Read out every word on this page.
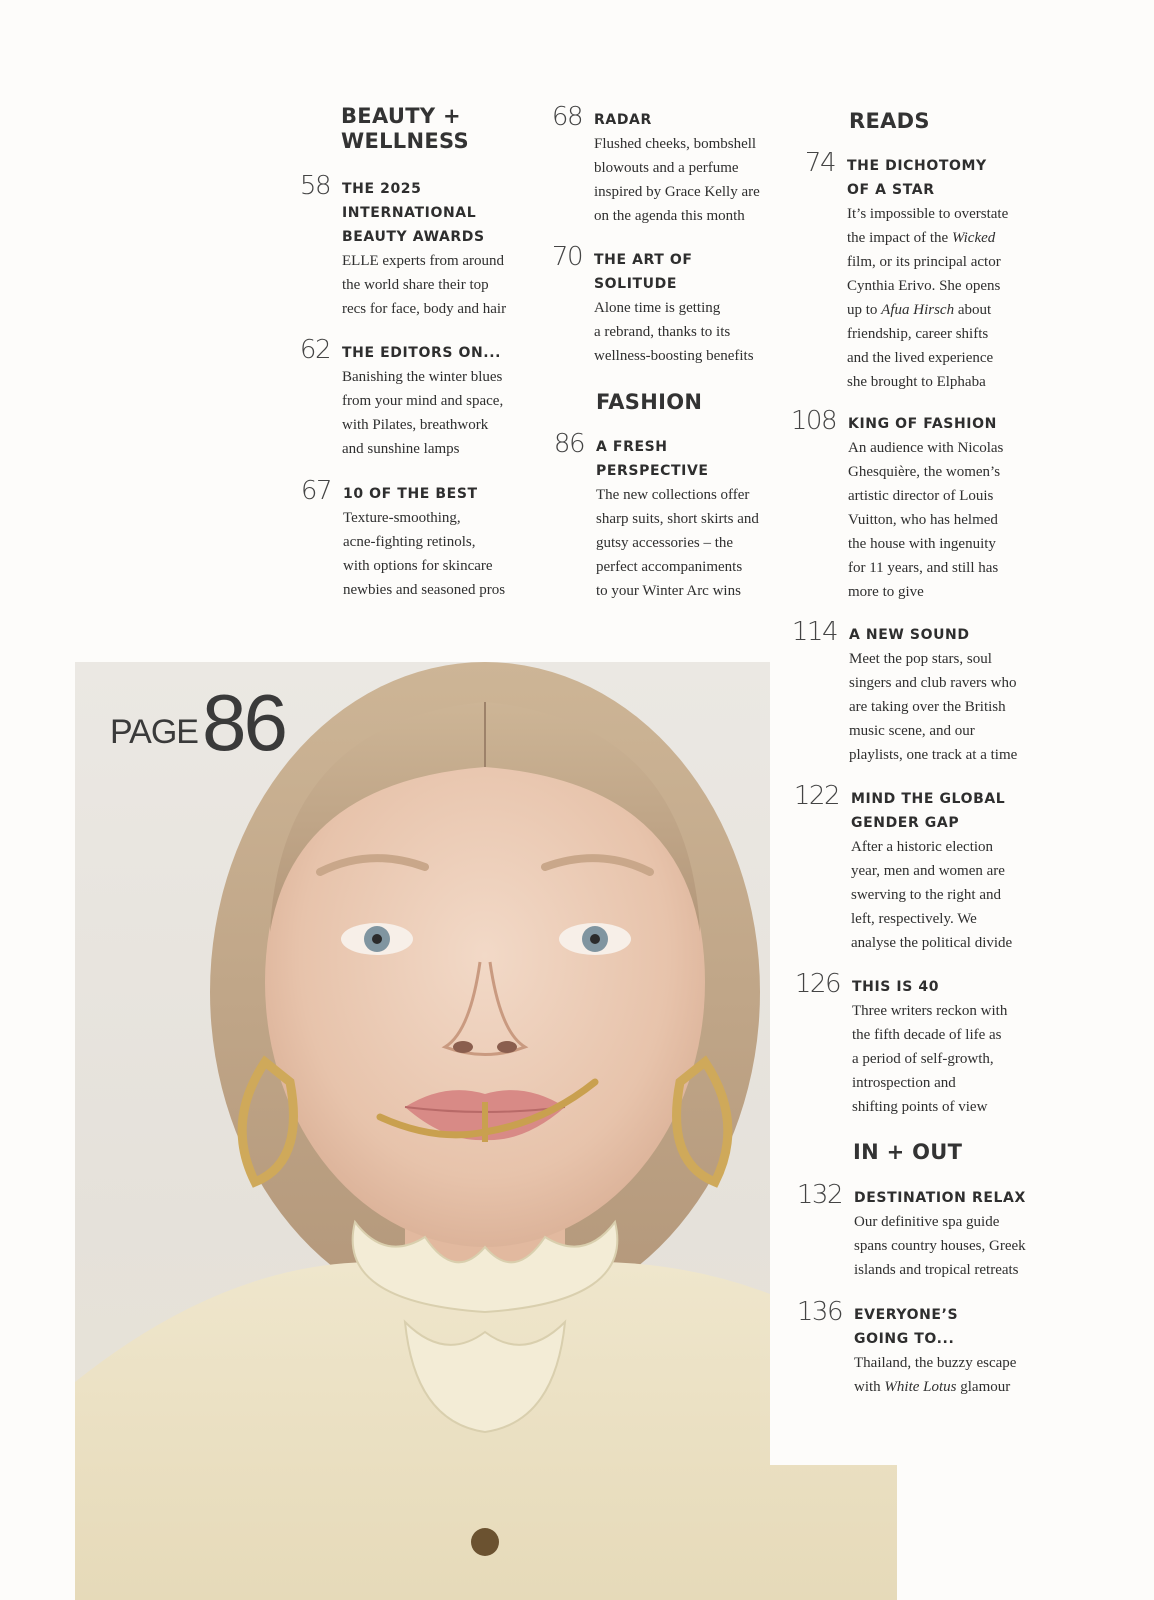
PAGE 86
BEAUTY +
WELLNESS
58 THE 2025
INTERNATIONAL
BEAUTY AWARDS
ELLE experts from around
the world share their top
recs for face, body and hair
62 THE EDITORS ON...
Banishing the winter blues
from your mind and space,
with Pilates, breathwork
and sunshine lamps
67 10 OF THE BEST
Texture-smoothing,
acne-fighting retinols,
with options for skincare
newbies and seasoned pros
68 RADAR
Flushed cheeks, bombshell
blowouts and a perfume
inspired by Grace Kelly are
on the agenda this month
70 THE ART OF
SOLITUDE
Alone time is getting
a rebrand, thanks to its
wellness-boosting benefits
FASHION
86 A FRESH
PERSPECTIVE
The new collections offer
sharp suits, short skirts and
gutsy accessories – the
perfect accompaniments
to your Winter Arc wins
READS
74 THE DICHOTOMY
OF A STAR
It’s impossible to overstate
the impact of the Wicked
film, or its principal actor
Cynthia Erivo. She opens
up to Afua Hirsch about
friendship, career shifts
and the lived experience
she brought to Elphaba
108 KING OF FASHION
An audience with Nicolas
Ghesquière, the women’s
artistic director of Louis
Vuitton, who has helmed
the house with ingenuity
for 11 years, and still has
more to give
114 A NEW SOUND
Meet the pop stars, soul
singers and club ravers who
are taking over the British
music scene, and our
playlists, one track at a time
122 MIND THE GLOBAL
GENDER GAP
After a historic election
year, men and women are
swerving to the right and
left, respectively. We
analyse the political divide
126 THIS IS 40
Three writers reckon with
the fifth decade of life as
a period of self-growth,
introspection and
shifting points of view
IN + OUT
132 DESTINATION RELAX
Our definitive spa guide
spans country houses, Greek
islands and tropical retreats
136 EVERYONE’S
GOING TO...
Thailand, the buzzy escape
with White Lotus glamour
